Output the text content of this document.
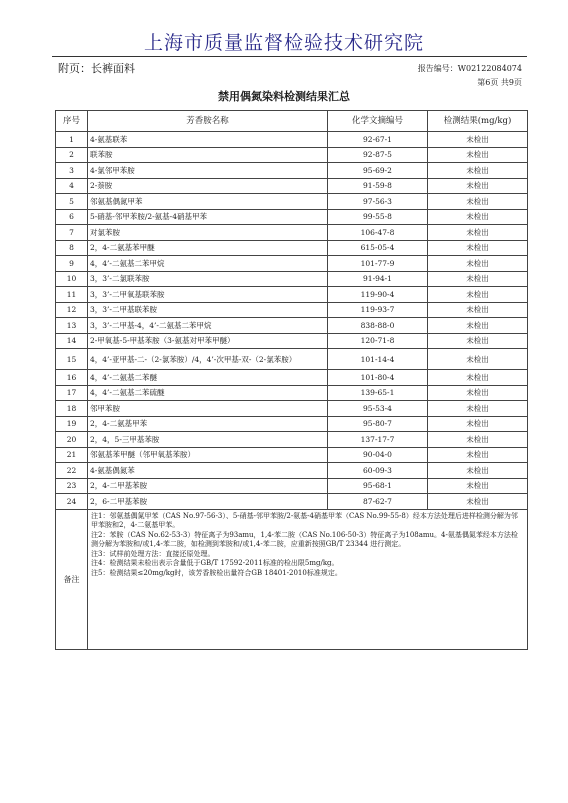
上海市质量监督检验技术研究院
附页：长裤面料	报告编号：W02122084074
第6页 共9页
禁用偶氮染料检测结果汇总
序号	芳香胺名称	化学文摘编号	检测结果(mg/kg)
1	4-氨基联苯	92-67-1	未检出
2	联苯胺	92-87-5	未检出
3	4-氯邻甲苯胺	95-69-2	未检出
4	2-萘胺	91-59-8	未检出
5	邻氨基偶氮甲苯	97-56-3	未检出
6	5-硝基-邻甲苯胺/2-氨基-4硝基甲苯	99-55-8	未检出
7	对氯苯胺	106-47-8	未检出
8	2，4-二氨基苯甲醚	615-05-4	未检出
9	4，4’-二氨基二苯甲烷	101-77-9	未检出
10	3，3’-二氯联苯胺	91-94-1	未检出
11	3，3’-二甲氧基联苯胺	119-90-4	未检出
12	3，3’-二甲基联苯胺	119-93-7	未检出
13	3，3’-二甲基-4，4’-二氨基二苯甲烷	838-88-0	未检出
14	2-甲氧基-5-甲基苯胺（3-氨基对甲苯甲醚）	120-71-8	未检出
15	4，4’-亚甲基-二-（2-氯苯胺）/4，4’-次甲基-双-（2-氯苯胺）	101-14-4	未检出
16	4，4’-二氨基二苯醚	101-80-4	未检出
17	4，4’-二氨基二苯硫醚	139-65-1	未检出
18	邻甲苯胺	95-53-4	未检出
19	2，4-二氨基甲苯	95-80-7	未检出
20	2，4，5-三甲基苯胺	137-17-7	未检出
21	邻氨基苯甲醚（邻甲氧基苯胺）	90-04-0	未检出
22	4-氨基偶氮苯	60-09-3	未检出
23	2，4-二甲基苯胺	95-68-1	未检出
24	2，6-二甲基苯胺	87-62-7	未检出
备注	注1：邻氨基偶氮甲苯（CAS No.97-56-3）、5-硝基-邻甲苯胺/2-氨基-4硝基甲苯（CAS No.99-55-8）经本方法处理后进样检测分解为邻甲苯胺和2，4-二氨基甲苯。

注2：苯胺（CAS No.62-53-3）特征离子为93amu，1,4-苯二胺（CAS No.106-50-3）特征离子为108amu。4-氨基偶氮苯经本方法检测分解为苯胺和/或1,4-苯二胺，如检测到苯胺和/或1,4-苯二胺，应重新按照GB/T 23344 进行测定。

注3：试样前处理方法：直接还原处理。

注4：检测结果未检出表示含量低于GB/T 17592-2011标准的检出限5mg/kg。

注5：检测结果≤20mg/kg时，该芳香胺检出量符合GB 18401-2010标准规定。		
